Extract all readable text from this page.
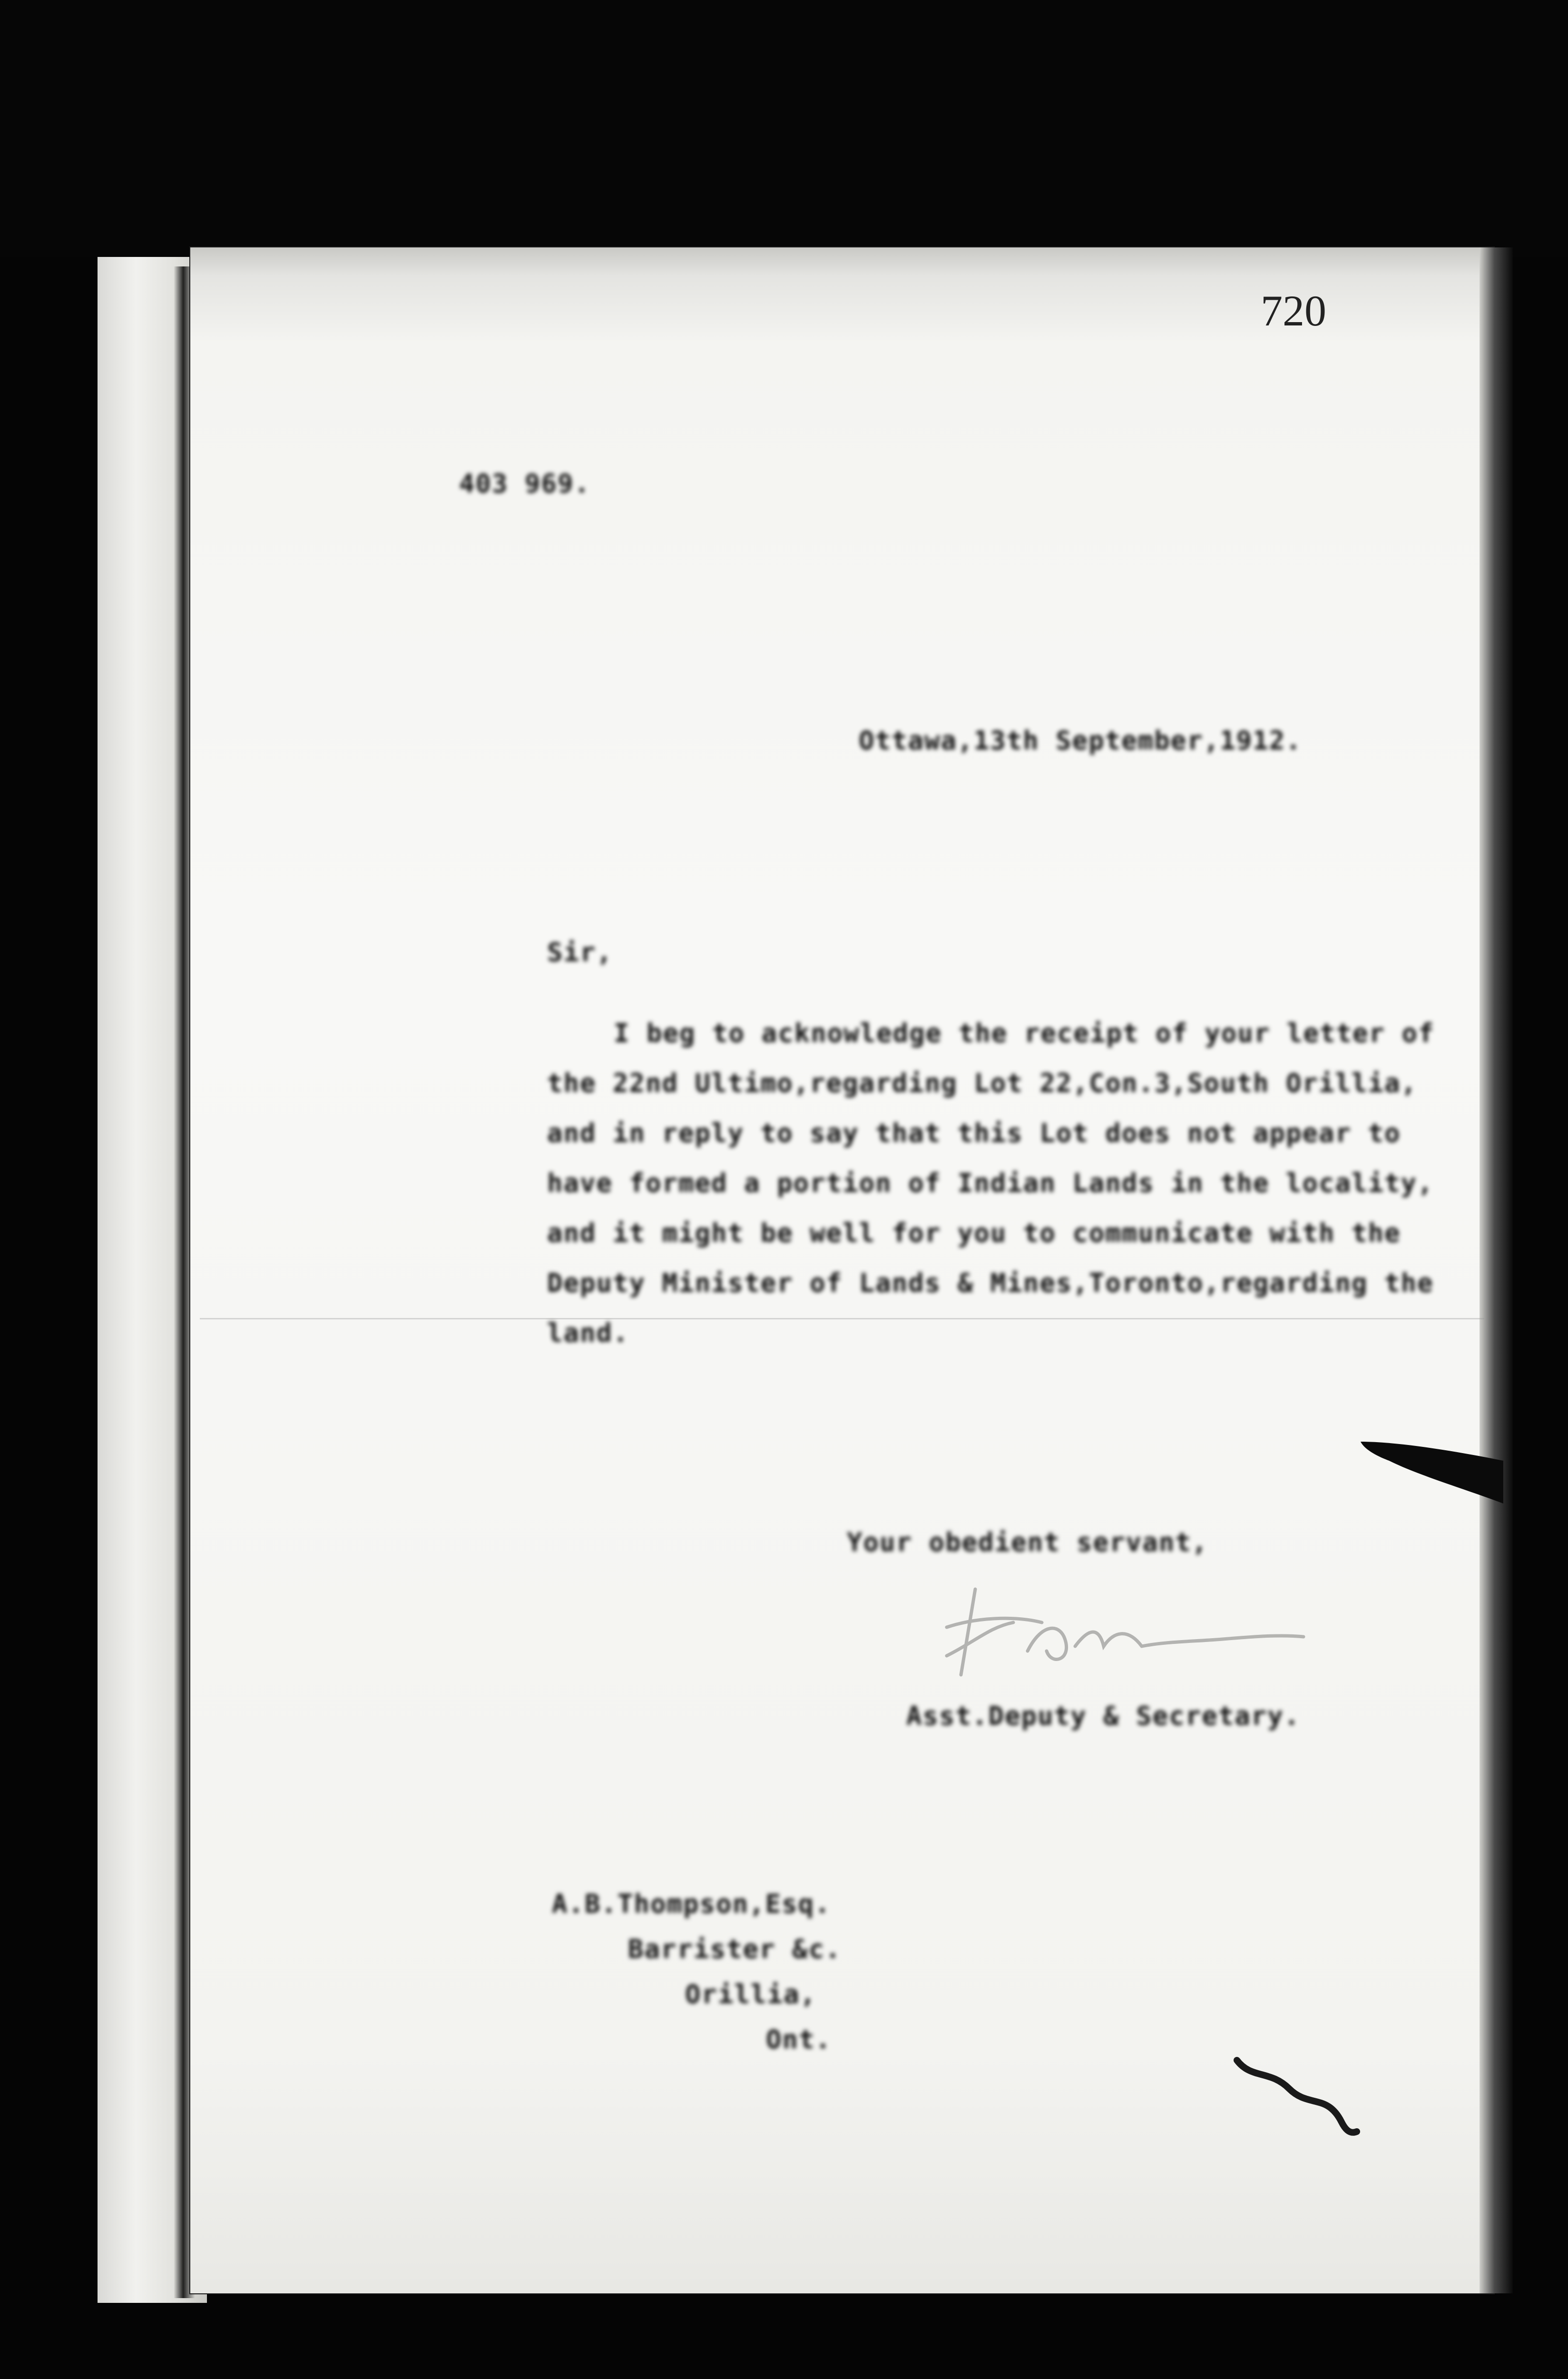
720
403 969.
Ottawa,13th September,1912.
Sir,
I beg to acknowledge the receipt of your letter of
the 22nd Ultimo,regarding Lot 22,Con.3,South Orillia,
and in reply to say that this Lot does not appear to
have formed a portion of Indian Lands in the locality,
and it might be well for you to communicate with the
Deputy Minister of Lands & Mines,Toronto,regarding the
land.
Your obedient servant,
Asst.Deputy & Secretary.
A.B.Thompson,Esq.
Barrister &c.
Orillia,
Ont.
